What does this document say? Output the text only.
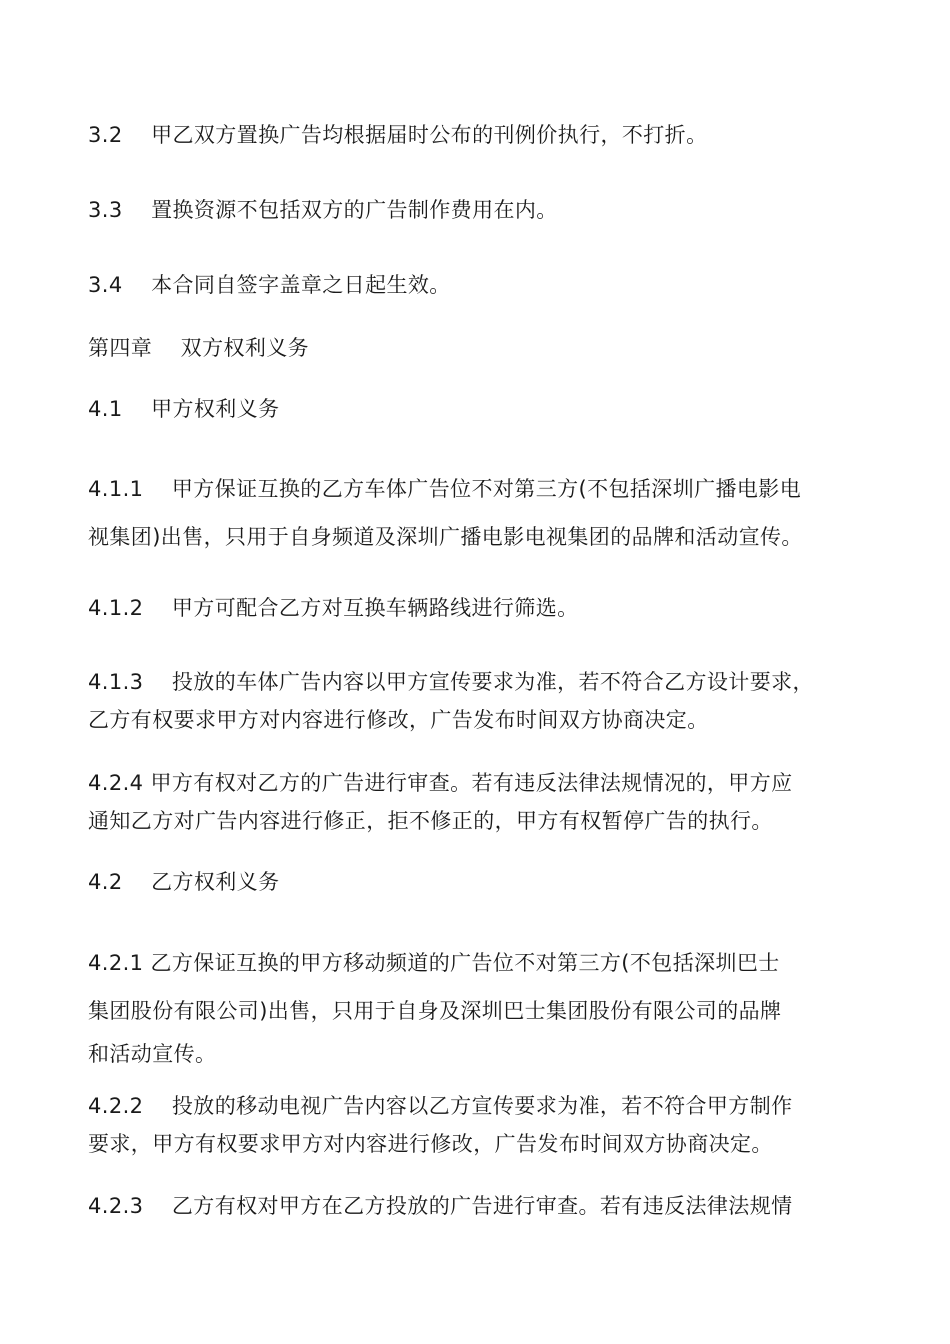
3.2　 甲乙双方置换广告均根据届时公布的刊例价执行，不打折。
3.3　 置换资源不包括双方的广告制作费用在内。
3.4　 本合同自签字盖章之日起生效。
第四章　 双方权利义务
4.1　 甲方权利义务
4.1.1　 甲方保证互换的乙方车体广告位不对第三方(不包括深圳广播电影电
视集团)出售，只用于自身频道及深圳广播电影电视集团的品牌和活动宣传。
4.1.2　 甲方可配合乙方对互换车辆路线进行筛选。
4.1.3　 投放的车体广告内容以甲方宣传要求为准，若不符合乙方设计要求，
乙方有权要求甲方对内容进行修改，广告发布时间双方协商决定。
4.2.4 甲方有权对乙方的广告进行审查。若有违反法律法规情况的，甲方应
通知乙方对广告内容进行修正，拒不修正的，甲方有权暂停广告的执行。
4.2　 乙方权利义务
4.2.1 乙方保证互换的甲方移动频道的广告位不对第三方(不包括深圳巴士
集团股份有限公司)出售，只用于自身及深圳巴士集团股份有限公司的品牌
和活动宣传。
4.2.2　 投放的移动电视广告内容以乙方宣传要求为准，若不符合甲方制作
要求，甲方有权要求甲方对内容进行修改，广告发布时间双方协商决定。
4.2.3　 乙方有权对甲方在乙方投放的广告进行审查。若有违反法律法规情
